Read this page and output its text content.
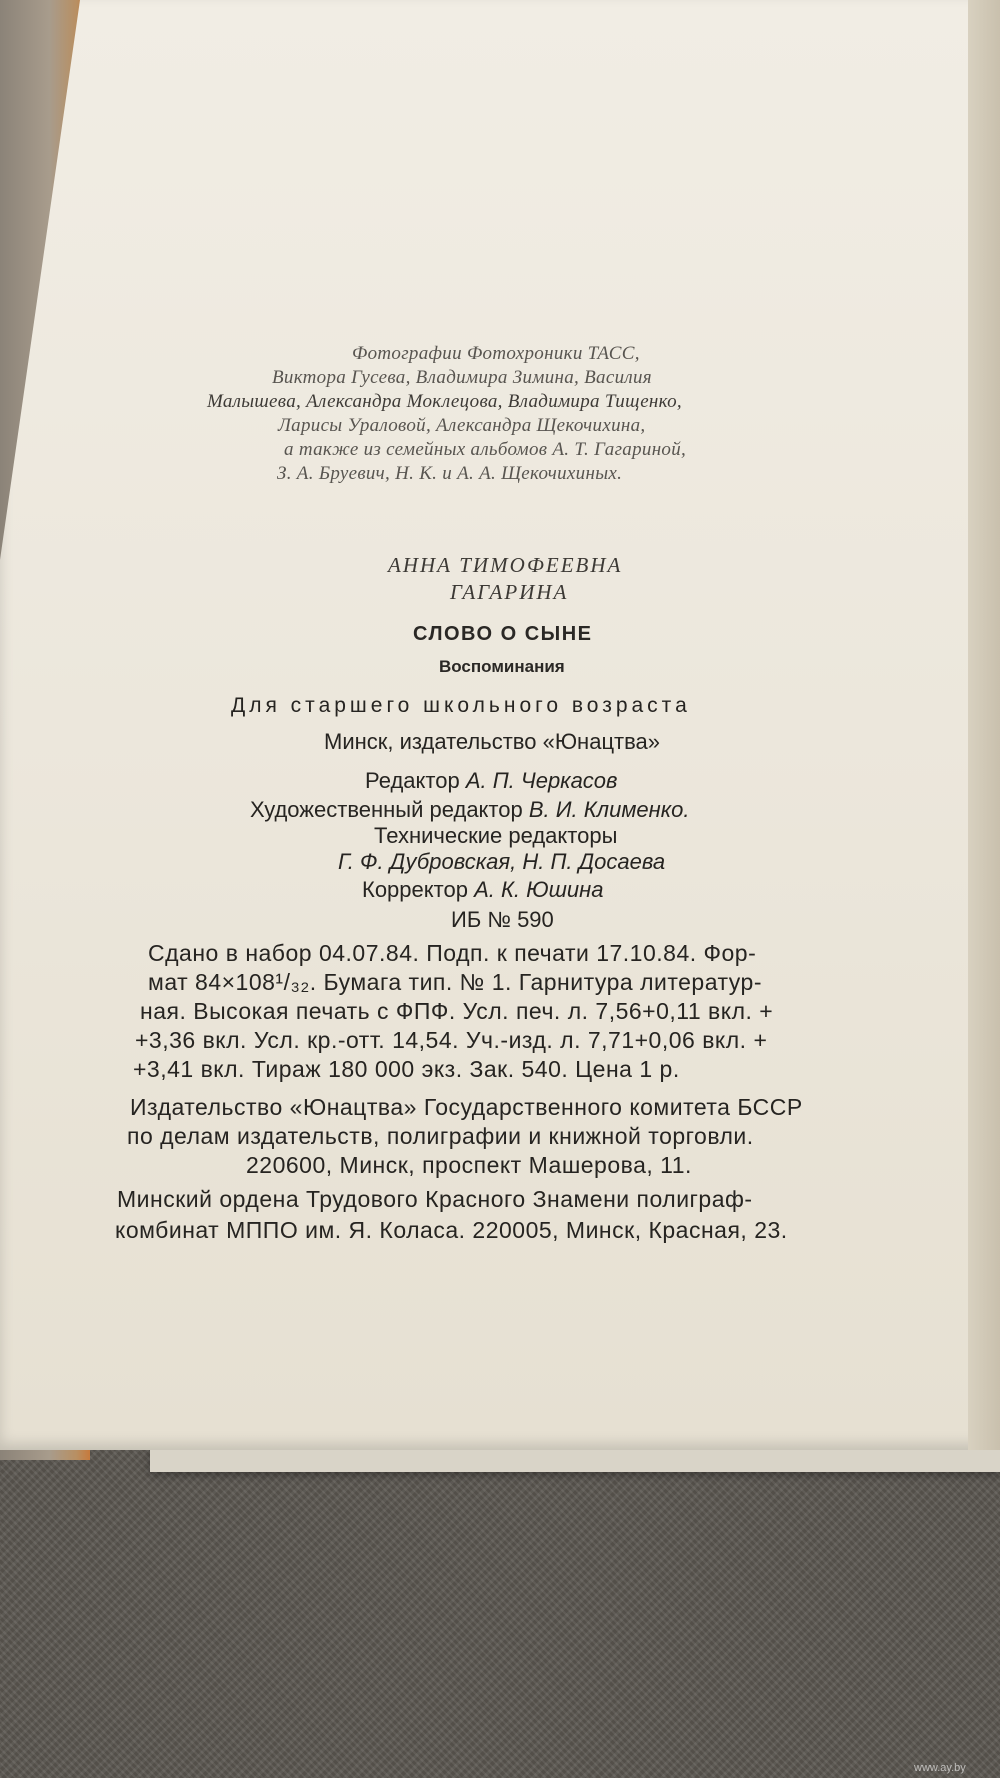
Фотографии Фотохроники ТАСС,
Виктора Гусева, Владимира Зимина, Василия
Малышева, Александра Моклецова, Владимира Тищенко,
Ларисы Ураловой, Александра Щекочихина,
а также из семейных альбомов А. Т. Гагариной,
З. А. Бруевич, Н. К. и А. А. Щекочихиных.
АННА ТИМОФЕЕВНА
ГАГАРИНА
СЛОВО О СЫНЕ
Воспоминания
Для старшего школьного возраста
Минск, издательство «Юнацтва»
Редактор А. П. Черкасов
Художественный редактор В. И. Клименко.
Технические редакторы
Г. Ф. Дубровская, Н. П. Досаева
Корректор А. К. Юшина
ИБ № 590
Сдано в набор 04.07.84. Подп. к печати 17.10.84. Фор-
мат 84×108¹/₃₂. Бумага тип. № 1. Гарнитура литератур-
ная. Высокая печать с ФПФ. Усл. печ. л. 7,56+0,11 вкл. +
+3,36 вкл. Усл. кр.-отт. 14,54. Уч.-изд. л. 7,71+0,06 вкл. +
+3,41 вкл. Тираж 180 000 экз. Зак. 540. Цена 1 р.
Издательство «Юнацтва» Государственного комитета БССР
по делам издательств, полиграфии и книжной торговли.
220600, Минск, проспект Машерова, 11.
Минский ордена Трудового Красного Знамени полиграф-
комбинат МППО им. Я. Коласа. 220005, Минск, Красная, 23.
www.ay.by
